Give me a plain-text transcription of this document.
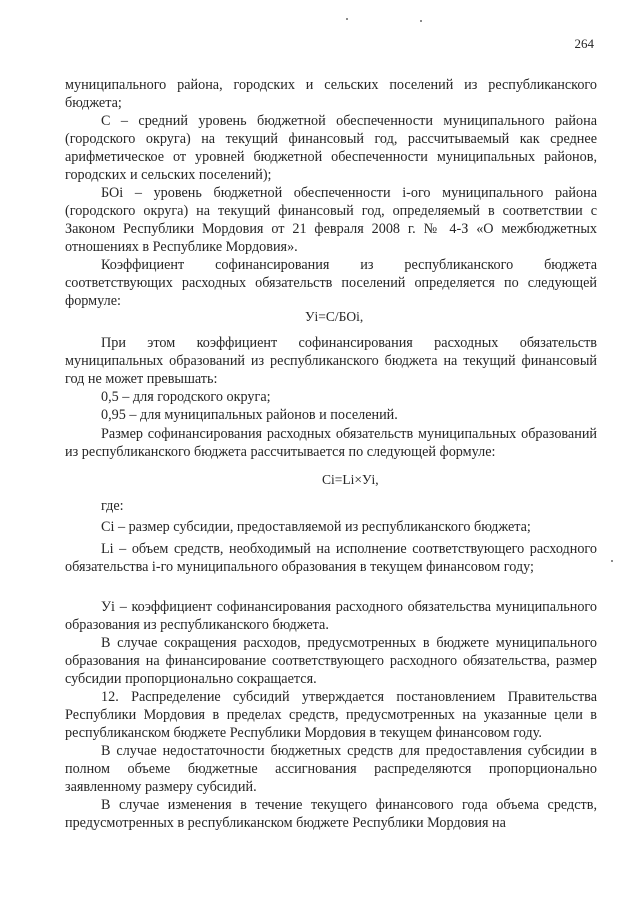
264

муниципального района, городских и сельских поселений из республиканского бюджета;

С – средний уровень бюджетной обеспеченности муниципального района (городского округа) на текущий финансовый год, рассчитываемый как среднее арифметическое от уровней бюджетной обеспеченности муниципальных районов, городских и сельских поселений);

БОi – уровень бюджетной обеспеченности i-ого муниципального района (городского округа) на текущий финансовый год, определяемый в соответствии с Законом Республики Мордовия от 21 февраля 2008 г. № 4-З «О межбюджетных отношениях в Республике Мордовия».

Коэффициент софинансирования из республиканского бюджета соответствующих расходных обязательств поселений определяется по следующей формуле:

Уi=С/БОi,

При этом коэффициент софинансирования расходных обязательств муниципальных образований из республиканского бюджета на текущий финансовый год не может превышать:

0,5 – для городского округа;

0,95 – для муниципальных районов и поселений.

Размер софинансирования расходных обязательств муниципальных образований из республиканского бюджета рассчитывается по следующей формуле:

Ci=Li×Уi,

где:

Ci – размер субсидии, предоставляемой из республиканского бюджета;

Li – объем средств, необходимый на исполнение соответствующего расходного обязательства i-го муниципального образования в текущем финансовом году;

Уi – коэффициент софинансирования расходного обязательства муниципального образования из республиканского бюджета.

В случае сокращения расходов, предусмотренных в бюджете муниципального образования на финансирование соответствующего расходного обязательства, размер субсидии пропорционально сокращается.

12. Распределение субсидий утверждается постановлением Правительства Республики Мордовия в пределах средств, предусмотренных на указанные цели в республиканском бюджете Республики Мордовия в текущем финансовом году.

В случае недостаточности бюджетных средств для предоставления субсидии в полном объеме бюджетные ассигнования распределяются пропорционально заявленному размеру субсидий.

В случае изменения в течение текущего финансового года объема средств, предусмотренных в республиканском бюджете Республики Мордовия на
